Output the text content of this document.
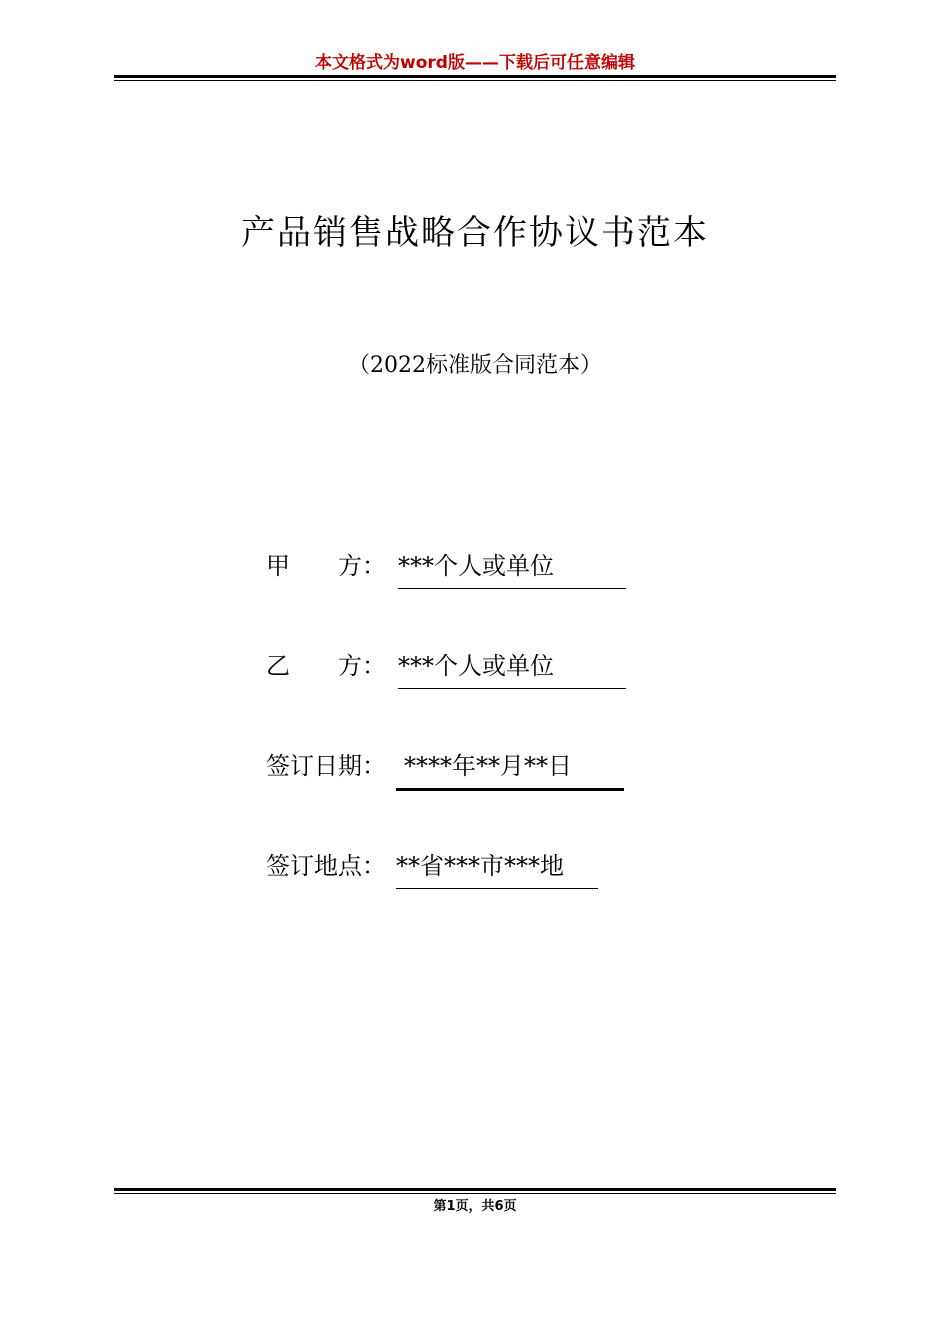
本文格式为word版——下载后可任意编辑
产品销售战略合作协议书范本
（2022标准版合同范本）
甲　　方： ***个人或单位
乙　　方： ***个人或单位
签订日期： ****年**月**日
签订地点： **省***市***地
第1页，共6页
